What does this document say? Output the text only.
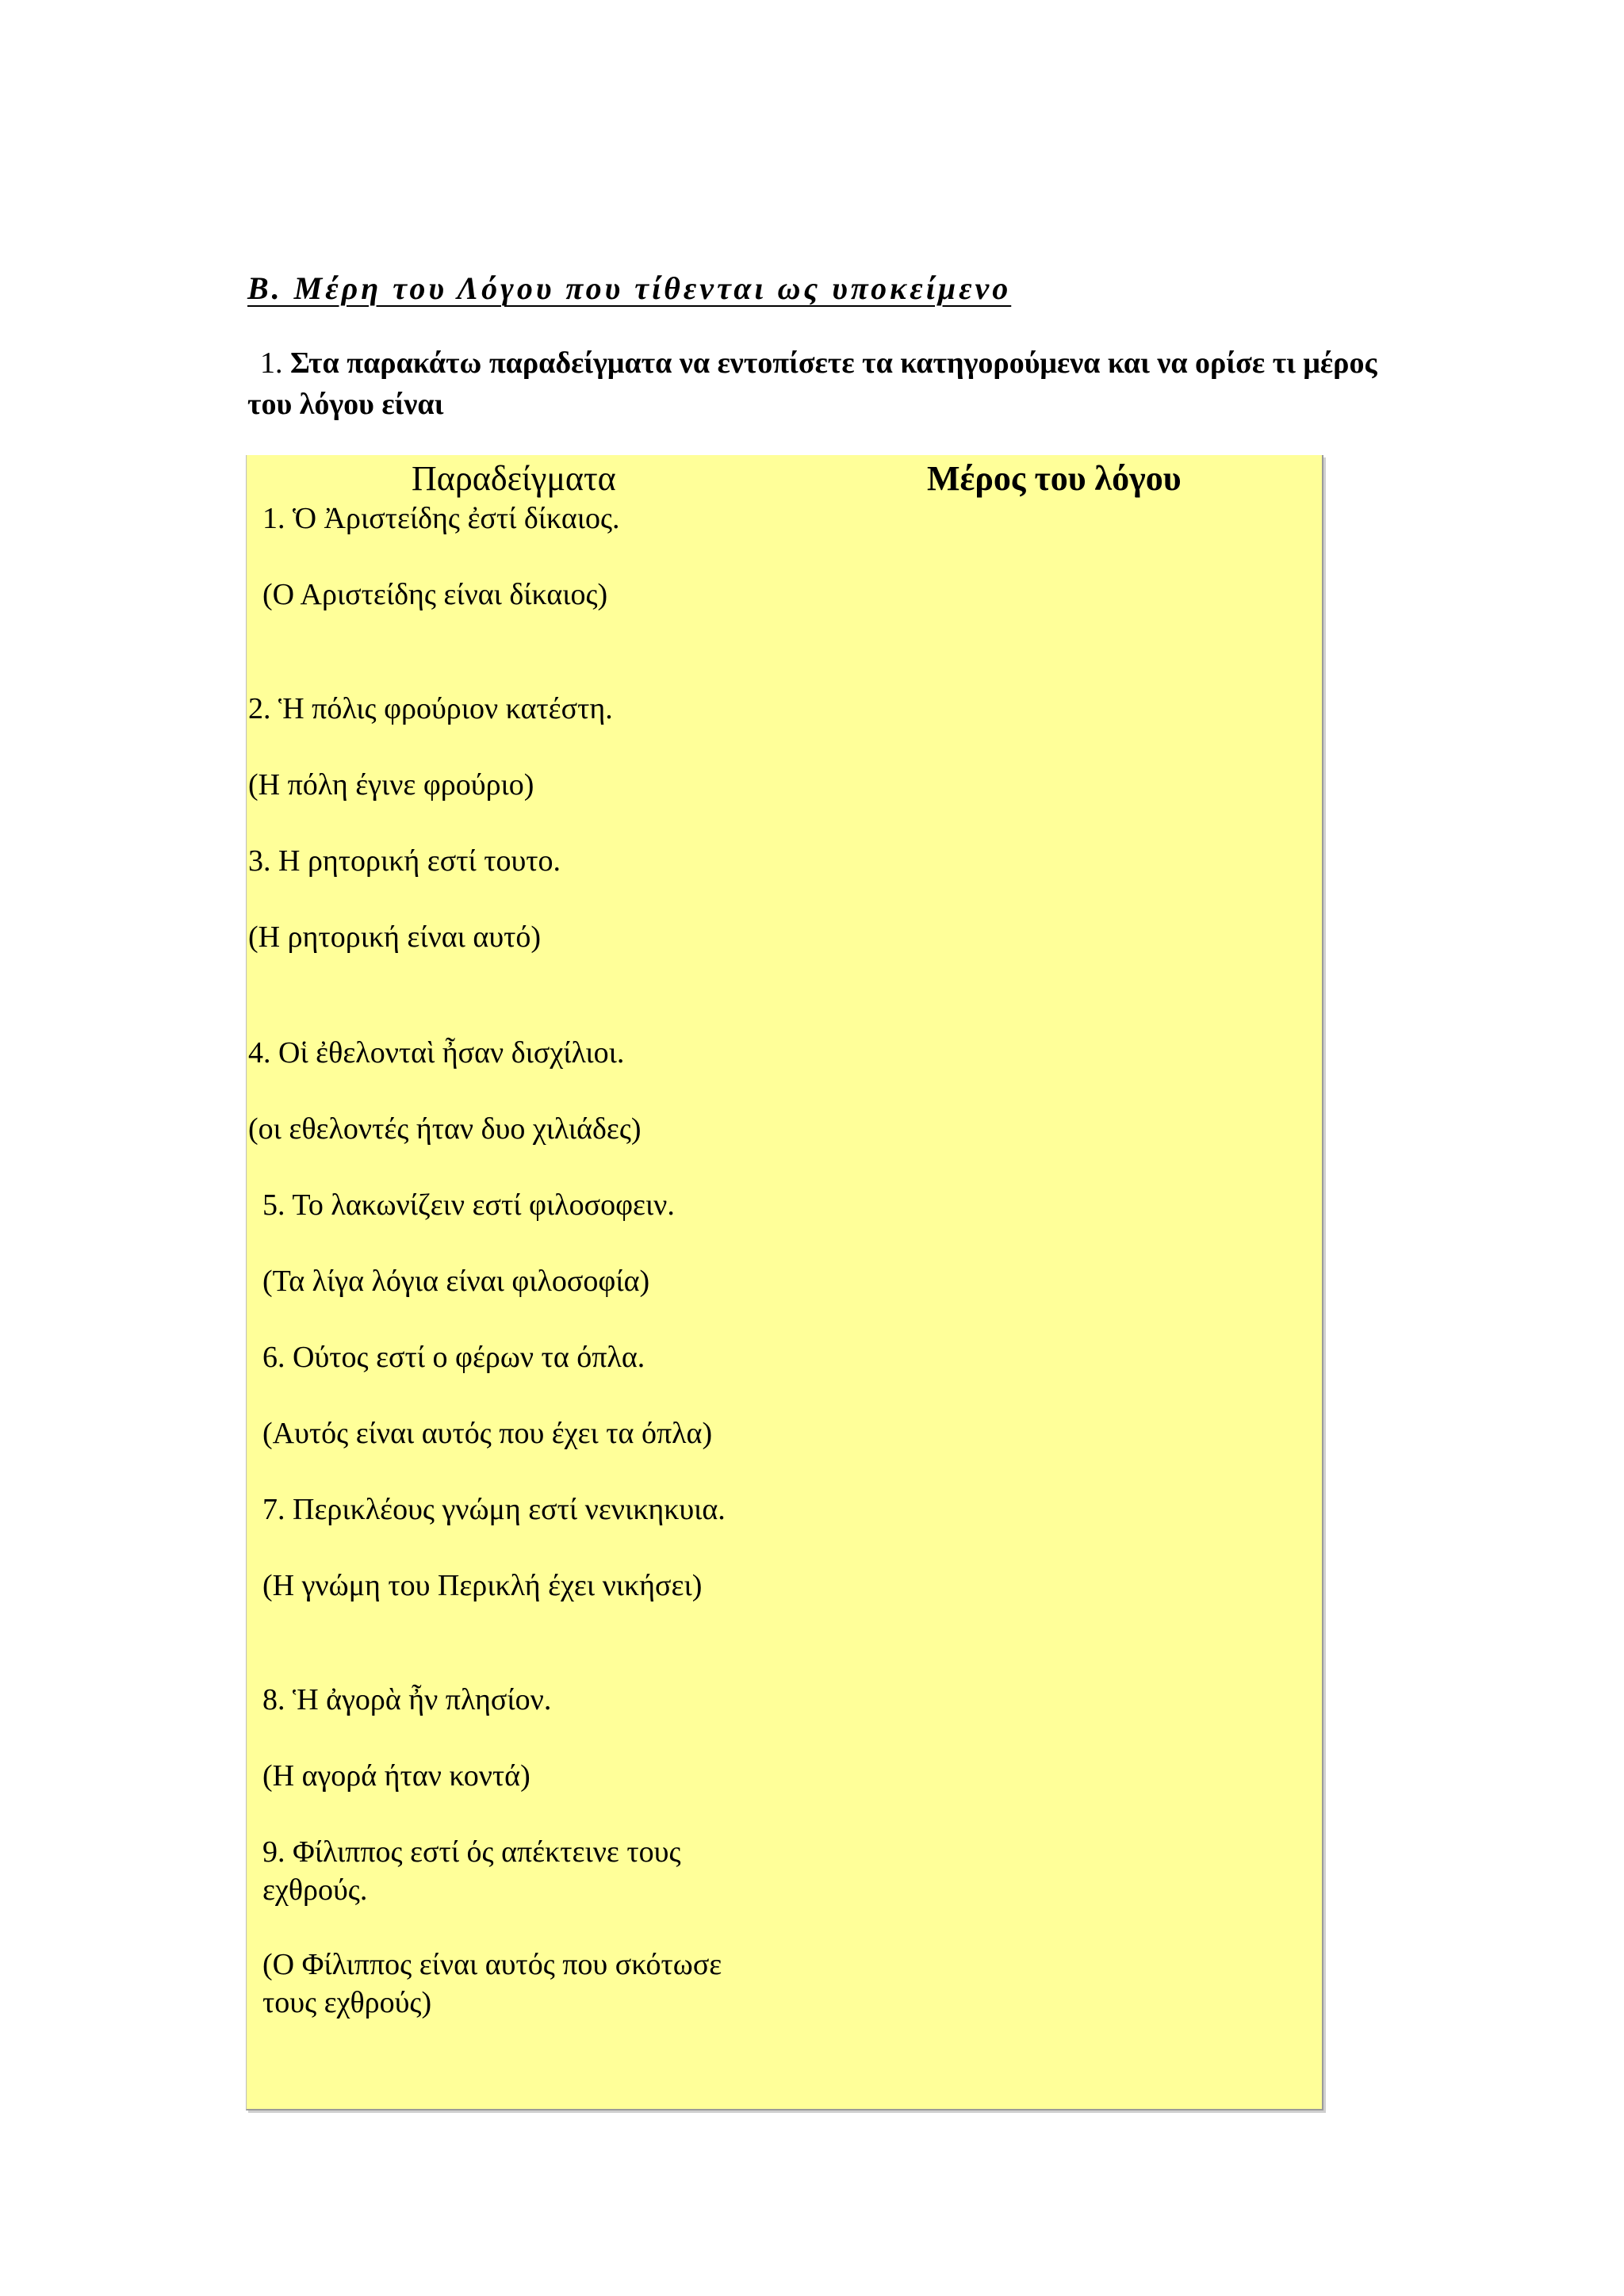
B. Μέρη του Λόγου που τίθενται ως υποκείμενο
1. Στα παρακάτω παραδείγματα να εντοπίσετε τα κατηγορούμενα και να ορίσε τι μέρος του λόγου είναι
Παραδείγματα	Μέρος του λόγου
1. Ὁ Ἀριστείδης ἐστί δίκαιος.
(Ο Αριστείδης είναι δίκαιος)
2. Ἡ πόλις φρούριον κατέστη.
(Η πόλη έγινε φρούριο)
3. Η ρητορική εστί τουτο.
(Η ρητορική είναι αυτό)
4. Οἱ ἐθελονταὶ ἦσαν δισχίλιοι.
(οι εθελοντές ήταν δυο χιλιάδες)
5. Το λακωνίζειν εστί φιλοσοφειν.
(Τα λίγα λόγια είναι φιλοσοφία)
6. Ούτος εστί ο φέρων τα όπλα.
(Αυτός είναι αυτός που έχει τα όπλα)
7. Περικλέους γνώμη εστί νενικηκυια.
(Η γνώμη του Περικλή έχει νικήσει)
8. Ἡ ἀγορὰ ἦν πλησίον.
(Η αγορά ήταν κοντά)
9. Φίλιππος εστί ός απέκτεινε τους
εχθρούς.
(Ο Φίλιππος είναι αυτός που σκότωσε
τους εχθρούς)
